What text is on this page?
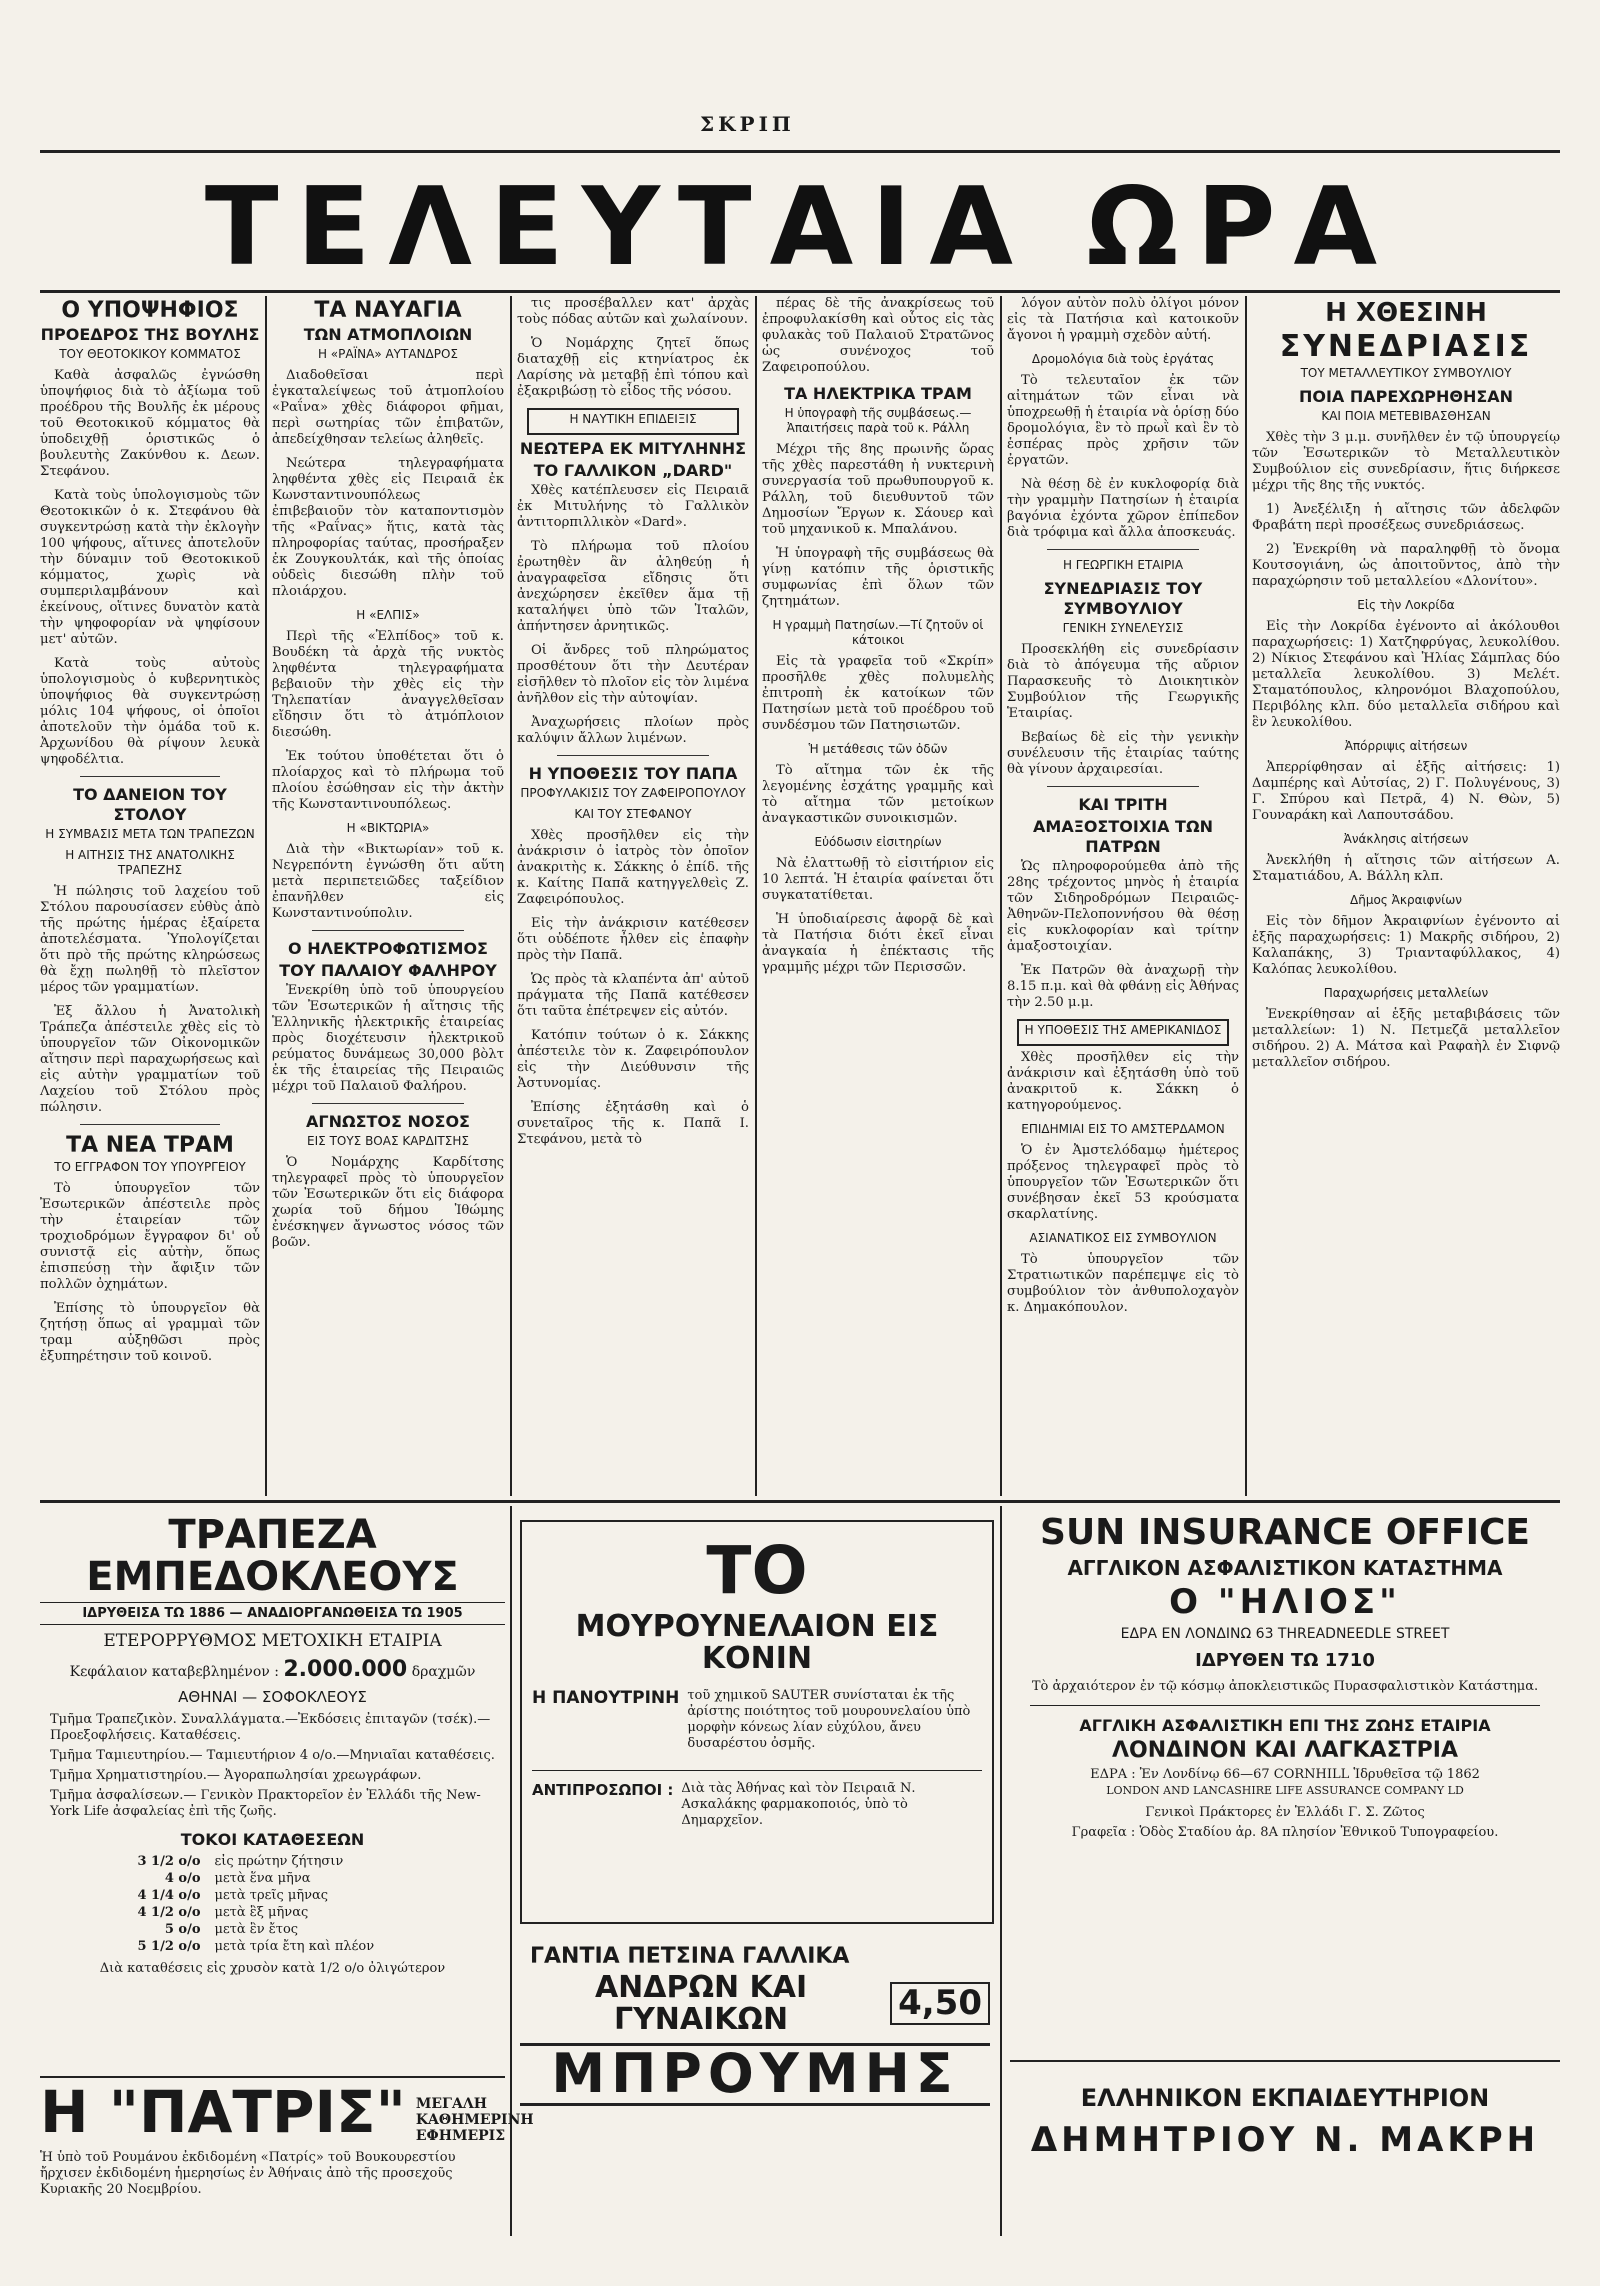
ΣΚΡΙΠ
ΤΕΛΕΥΤΑΙΑ ΩΡΑ
Ο ΥΠΟΨΗΦΙΟΣ
ΠΡΟΕΔΡΟΣ ΤΗΣ ΒΟΥΛΗΣ
ΤΟΥ ΘΕΟΤΟΚΙΚΟΥ ΚΟΜΜΑΤΟΣ

Καθὰ ἀσφαλῶς ἐγνώσθη ὑποψήφιος διὰ τὸ ἀξίωμα τοῦ προέδρου τῆς Βουλῆς ἐκ μέρους τοῦ Θεοτοκικοῦ κόμματος θὰ ὑποδειχθῇ ὁριστικῶς ὁ βουλευτὴς Ζακύνθου κ. Δεων. Στεφάνου.

Κατὰ τοὺς ὑπολογισμοὺς τῶν Θεοτοκικῶν ὁ κ. Στεφάνου θὰ συγκεντρώσῃ κατὰ τὴν ἐκλογὴν 100 ψήφους, αἵτινες ἀποτελοῦν τὴν δύναμιν τοῦ Θεοτοκικοῦ κόμματος, χωρὶς νὰ συμπεριλαμβάνουν καὶ ἐκείνους, οἵτινες δυνατὸν κατὰ τὴν ψηφοφορίαν νὰ ψηφίσουν μετ' αὐτῶν.

Κατὰ τοὺς αὐτοὺς ὑπολογισμοὺς ὁ κυβερνητικὸς ὑποψήφιος θὰ συγκεντρώσῃ μόλις 104 ψήφους, οἱ ὁποῖοι ἀποτελοῦν τὴν ὁμάδα τοῦ κ. Ἀρχωνίδου θὰ ρίψουν λευκὰ ψηφοδέλτια.

ΤΟ ΔΑΝΕΙΟΝ ΤΟΥ ΣΤΟΛΟΥ
Η ΣΥΜΒΑΣΙΣ ΜΕΤΑ ΤΩΝ ΤΡΑΠΕΖΩΝ
Η ΑΙΤΗΣΙΣ ΤΗΣ ΑΝΑΤΟΛΙΚΗΣ ΤΡΑΠΕΖΗΣ

Ἡ πώλησις τοῦ λαχείου τοῦ Στόλου παρουσίασεν εὐθὺς ἀπὸ τῆς πρώτης ἡμέρας ἐξαίρετα ἀποτελέσματα. Ὑπολογίζεται ὅτι πρὸ τῆς πρώτης κληρώσεως θὰ ἔχῃ πωληθῇ τὸ πλεῖστον μέρος τῶν γραμματίων.

Ἐξ ἄλλου ἡ Ἀνατολικὴ Τράπεζα ἀπέστειλε χθὲς εἰς τὸ ὑπουργεῖον τῶν Οἰκονομικῶν αἴτησιν περὶ παραχωρήσεως καὶ εἰς αὐτὴν γραμματίων τοῦ Λαχείου τοῦ Στόλου πρὸς πώλησιν.

ΤΑ ΝΕΑ ΤΡΑΜ
ΤΟ ΕΓΓΡΑΦΟΝ ΤΟΥ ΥΠΟΥΡΓΕΙΟΥ

Τὸ ὑπουργεῖον τῶν Ἐσωτερικῶν ἀπέστειλε πρὸς τὴν ἑταιρείαν τῶν τροχιοδρόμων ἔγγραφον δι' οὗ συνιστᾷ εἰς αὐτὴν, ὅπως ἐπισπεύσῃ τὴν ἄφιξιν τῶν πολλῶν ὀχημάτων.

Ἐπίσης τὸ ὑπουργεῖον θὰ ζητήσῃ ὅπως αἱ γραμμαὶ τῶν τραμ αὐξηθῶσι πρὸς ἐξυπηρέτησιν τοῦ κοινοῦ.

ΤΑ ΝΑΥΑΓΙΑ
ΤΩΝ ΑΤΜΟΠΛΟΙΩΝ
Η «ΡΑΪΝΑ» ΑΥΤΑΝΔΡΟΣ

Διαδοθεῖσαι περὶ ἐγκαταλείψεως τοῦ ἀτμοπλοίου «Ραΐνα» χθὲς διάφοροι φῆμαι, περὶ σωτηρίας τῶν ἐπιβατῶν, ἀπεδείχθησαν τελείως ἀληθεῖς.

Νεώτερα τηλεγραφήματα ληφθέντα χθὲς εἰς Πειραιᾶ ἐκ Κωνσταντινουπόλεως ἐπιβεβαιοῦν τὸν καταποντισμὸν τῆς «Ραΐνας» ἥτις, κατὰ τὰς πληροφορίας ταύτας, προσήραξεν ἐκ Ζουγκουλτάκ, καὶ τῆς ὁποίας οὐδεὶς διεσώθη πλὴν τοῦ πλοιάρχου.

Η «ΕΛΠΙΣ»

Περὶ τῆς «Ἐλπίδος» τοῦ κ. Βουδέκη τὰ ἀρχὰ τῆς νυκτὸς ληφθέντα τηλεγραφήματα βεβαιοῦν τὴν χθὲς εἰς τὴν Τηλεπατίαν ἀναγγελθεῖσαν εἴδησιν ὅτι τὸ ἀτμόπλοιον διεσώθη.

Ἐκ τούτου ὑποθέτεται ὅτι ὁ πλοίαρχος καὶ τὸ πλήρωμα τοῦ πλοίου ἐσώθησαν εἰς τὴν ἀκτὴν τῆς Κωνσταντινουπόλεως.

Η «ΒΙΚΤΩΡΙΑ»

Διὰ τὴν «Βικτωρίαν» τοῦ κ. Νεγρεπόντη ἐγνώσθη ὅτι αὕτη μετὰ περιπετειῶδες ταξείδιον ἐπανῆλθεν εἰς Κωνσταντινούπολιν.

Ο ΗΛΕΚΤΡΟΦΩΤΙΣΜΟΣ
ΤΟΥ ΠΑΛΑΙΟΥ ΦΑΛΗΡΟΥ

Ἐνεκρίθη ὑπὸ τοῦ ὑπουργείου τῶν Ἐσωτερικῶν ἡ αἴτησις τῆς Ἑλληνικῆς ἡλεκτρικῆς ἑταιρείας πρὸς διοχέτευσιν ἠλεκτρικοῦ ρεύματος δυνάμεως 30,000 βὸλτ ἐκ τῆς ἑταιρείας τῆς Πειραιῶς μέχρι τοῦ Παλαιοῦ Φαλήρου.

ΑΓΝΩΣΤΟΣ ΝΟΣΟΣ
ΕΙΣ ΤΟΥΣ ΒΟΑΣ ΚΑΡΔΙΤΣΗΣ

Ὁ Νομάρχης Καρδίτσης τηλεγραφεῖ πρὸς τὸ ὑπουργεῖον τῶν Ἐσωτερικῶν ὅτι εἰς διάφορα χωρία τοῦ δήμου Ἰθώμης ἐνέσκηψεν ἄγνωστος νόσος τῶν βοῶν.

τις προσέβαλλεν κατ' ἀρχὰς τοὺς πόδας αὐτῶν καὶ χωλαίνουν.

Ὁ Νομάρχης ζητεῖ ὅπως διαταχθῇ εἰς κτηνίατρος ἐκ Λαρίσης νὰ μεταβῇ ἐπὶ τόπου καὶ ἐξακριβώσῃ τὸ εἶδος τῆς νόσου.

Η ΝΑΥΤΙΚΗ ΕΠΙΔΕΙΞΙΣ
ΝΕΩΤΕΡΑ ΕΚ ΜΙΤΥΛΗΝΗΣ
ΤΟ ΓΑΛΛΙΚΟΝ „DARD"

Χθὲς κατέπλευσεν εἰς Πειραιᾶ ἐκ Μιτυλήνης τὸ Γαλλικὸν ἀντιτορπιλλικὸν «Dard».

Τὸ πλήρωμα τοῦ πλοίου ἐρωτηθὲν ἂν ἀληθεύῃ ἡ ἀναγραφεῖσα εἴδησις ὅτι ἀνεχώρησεν ἐκεῖθεν ἅμα τῇ καταλήψει ὑπὸ τῶν Ἰταλῶν, ἀπήντησεν ἀρνητικῶς.

Οἱ ἄνδρες τοῦ πληρώματος προσθέτουν ὅτι τὴν Δευτέραν εἰσῆλθεν τὸ πλοῖον εἰς τὸν λιμένα ἀνῆλθον εἰς τὴν αὐτοψίαν.

Ἀναχωρήσεις πλοίων πρὸς καλύψιν ἄλλων λιμένων.

Η ΥΠΟΘΕΣΙΣ ΤΟΥ ΠΑΠΑ
ΠΡΟΦΥΛΑΚΙΣΙΣ ΤΟΥ ΖΑΦΕΙΡΟΠΟΥΛΟΥ
ΚΑΙ ΤΟΥ ΣΤΕΦΑΝΟΥ

Χθὲς προσῆλθεν εἰς τὴν ἀνάκρισιν ὁ ἰατρὸς τὸν ὁποῖον ἀνακριτὴς κ. Σάκκης ὁ ἐπίδ. τῆς κ. Καίτης Παπᾶ κατηγγελθεὶς Ζ. Ζαφειρόπουλος.

Εἰς τὴν ἀνάκρισιν κατέθεσεν ὅτι οὐδέποτε ἦλθεν εἰς ἐπαφὴν πρὸς τὴν Παπᾶ.

Ὡς πρὸς τὰ κλαπέντα ἀπ' αὐτοῦ πράγματα τῆς Παπᾶ κατέθεσεν ὅτι ταῦτα ἐπέτρεψεν εἰς αὐτόν.

Κατόπιν τούτων ὁ κ. Σάκκης ἀπέστειλε τὸν κ. Ζαφειρόπουλον εἰς τὴν Διεύθυνσιν τῆς Ἀστυνομίας.

Ἐπίσης ἐξητάσθη καὶ ὁ συνεταῖρος τῆς κ. Παπᾶ Ι. Στεφάνου, μετὰ τὸ

πέρας δὲ τῆς ἀνακρίσεως τοῦ ἐπροφυλακίσθη καὶ οὗτος εἰς τὰς φυλακὰς τοῦ Παλαιοῦ Στρατῶνος ὡς συνένοχος τοῦ Ζαφειροπούλου.

ΤΑ ΗΛΕΚΤΡΙΚΑ ΤΡΑΜ
Η ὑπογραφὴ τῆς συμβάσεως.—Ἀπαιτήσεις παρὰ τοῦ κ. Ράλλη

Μέχρι τῆς 8ης πρωινῆς ὥρας τῆς χθὲς παρεστάθη ἡ νυκτερινὴ συνεργασία τοῦ πρωθυπουργοῦ κ. Ράλλη, τοῦ διευθυντοῦ τῶν Δημοσίων Ἔργων κ. Σάουερ καὶ τοῦ μηχανικοῦ κ. Μπαλάνου.

Ἡ ὑπογραφὴ τῆς συμβάσεως θὰ γίνῃ κατόπιν τῆς ὁριστικῆς συμφωνίας ἐπὶ ὅλων τῶν ζητημάτων.

Η γραμμὴ Πατησίων.—Τί ζητοῦν οἱ κάτοικοι

Εἰς τὰ γραφεῖα τοῦ «Σκρίπ» προσῆλθε χθὲς πολυμελὴς ἐπιτροπὴ ἐκ κατοίκων τῶν Πατησίων μετὰ τοῦ προέδρου τοῦ συνδέσμου τῶν Πατησιωτῶν.

Ἡ μετάθεσις τῶν ὀδῶν

Τὸ αἴτημα τῶν ἐκ τῆς λεγομένης ἐσχάτης γραμμῆς καὶ τὸ αἴτημα τῶν μετοίκων ἀναγκαστικῶν συνοικισμῶν.

Εὐόδωσιν εἰσιτηρίων

Νὰ ἐλαττωθῇ τὸ εἰσιτήριον εἰς 10 λεπτά. Ἡ ἑταιρία φαίνεται ὅτι συγκατατίθεται.

Ἡ ὑποδιαίρεσις ἀφορᾷ δὲ καὶ τὰ Πατήσια διότι ἐκεῖ εἶναι ἀναγκαία ἡ ἐπέκτασις τῆς γραμμῆς μέχρι τῶν Περισσῶν.

λόγον αὐτὸν πολὺ ὀλίγοι μόνον εἰς τὰ Πατήσια καὶ κατοικοῦν ἄγονοι ἡ γραμμὴ σχεδὸν αὐτή.

Δρομολόγια διὰ τοὺς ἐργάτας

Τὸ τελευταῖον ἐκ τῶν αἰτημάτων τῶν εἶναι νὰ ὑποχρεωθῇ ἡ ἑταιρία νὰ ὁρίσῃ δύο δρομολόγια, ἓν τὸ πρωῒ καὶ ἓν τὸ ἑσπέρας πρὸς χρῆσιν τῶν ἐργατῶν.

Νὰ θέσῃ δὲ ἐν κυκλοφορίᾳ διὰ τὴν γραμμὴν Πατησίων ἡ ἑταιρία βαγόνια ἐχόντα χῶρον ἐπίπεδον διὰ τρόφιμα καὶ ἄλλα ἀποσκευάς.

Η ΓΕΩΡΓΙΚΗ ΕΤΑΙΡΙΑ
ΣΥΝΕΔΡΙΑΣΙΣ ΤΟΥ ΣΥΜΒΟΥΛΙΟΥ
ΓΕΝΙΚΗ ΣΥΝΕΛΕΥΣΙΣ

Προσεκλήθη εἰς συνεδρίασιν διὰ τὸ ἀπόγευμα τῆς αὔριον Παρασκευῆς τὸ Διοικητικὸν Συμβούλιον τῆς Γεωργικῆς Ἑταιρίας.

Βεβαίως δὲ εἰς τὴν γενικὴν συνέλευσιν τῆς ἑταιρίας ταύτης θὰ γίνουν ἀρχαιρεσίαι.

ΚΑΙ ΤΡΙΤΗ
ΑΜΑΞΟΣΤΟΙΧΙΑ ΤΩΝ ΠΑΤΡΩΝ

Ὡς πληροφορούμεθα ἀπὸ τῆς 28ης τρέχοντος μηνὸς ἡ ἑταιρία τῶν Σιδηροδρόμων Πειραιῶς-Ἀθηνῶν-Πελοποννήσου θὰ θέσῃ εἰς κυκλοφορίαν καὶ τρίτην ἀμαξοστοιχίαν.

Ἐκ Πατρῶν θὰ ἀναχωρῇ τὴν 8.15 π.μ. καὶ θὰ φθάνῃ εἰς Ἀθήνας τὴν 2.50 μ.μ.

Η ΥΠΟΘΕΣΙΣ ΤΗΣ ΑΜΕΡΙΚΑΝΙΔΟΣ

Χθὲς προσῆλθεν εἰς τὴν ἀνάκρισιν καὶ ἐξητάσθη ὑπὸ τοῦ ἀνακριτοῦ κ. Σάκκη ὁ κατηγορούμενος.

ΕΠΙΔΗΜΙΑΙ ΕΙΣ ΤΟ ΑΜΣΤΕΡΔΑΜΟΝ

Ὁ ἐν Ἀμστελόδαμῳ ἡμέτερος πρόξενος τηλεγραφεῖ πρὸς τὸ ὑπουργεῖον τῶν Ἐσωτερικῶν ὅτι συνέβησαν ἐκεῖ 53 κρούσματα σκαρλατίνης.

ΑΣΙΑΝΑΤΙΚΟΣ ΕΙΣ ΣΥΜΒΟΥΛΙΟΝ

Τὸ ὑπουργεῖον τῶν Στρατιωτικῶν παρέπεμψε εἰς τὸ συμβούλιον τὸν ἀνθυπολοχαγὸν κ. Δημακόπουλον.

Η ΧΘΕΣΙΝΗ
ΣΥΝΕΔΡΙΑΣΙΣ
ΤΟΥ ΜΕΤΑΛΛΕΥΤΙΚΟΥ ΣΥΜΒΟΥΛΙΟΥ
ΠΟΙΑ ΠΑΡΕΧΩΡΗΘΗΣΑΝ
ΚΑΙ ΠΟΙΑ ΜΕΤΕΒΙΒΑΣΘΗΣΑΝ

Χθὲς τὴν 3 μ.μ. συνῆλθεν ἐν τῷ ὑπουργείῳ τῶν Ἐσωτερικῶν τὸ Μεταλλευτικὸν Συμβούλιον εἰς συνεδρίασιν, ἥτις διήρκεσε μέχρι τῆς 8ης τῆς νυκτός.

1) Ἀνεξέλιξη ἡ αἴτησις τῶν ἀδελφῶν Φραβάτη περὶ προσέξεως συνεδριάσεως.

2) Ἐνεκρίθη νὰ παραληφθῇ τὸ ὄνομα Κουτσογιάνη, ὡς ἀποιτοῦντος, ἀπὸ τὴν παραχώρησιν τοῦ μεταλλείου «Δλονίτου».

Εἰς τὴν Λοκρίδα

Εἰς τὴν Λοκρίδα ἐγένοντο αἱ ἀκόλουθοι παραχωρήσεις: 1) Χατζηφρύγας, λευκολίθου. 2) Νίκιος Στεφάνου καὶ Ἠλίας Σάμπλας δύο μεταλλεῖα λευκολίθου. 3) Μελέτ. Σταματόπουλος, κληρονόμοι Βλαχοπούλου, Περιβόλης κλπ. δύο μεταλλεῖα σιδήρου καὶ ἓν λευκολίθου.

Ἀπόρριψις αἰτήσεων

Ἀπερρίφθησαν αἱ ἑξῆς αἰτήσεις: 1) Δαμπέρης καὶ Αὐτσίας, 2) Γ. Πολυγένους, 3) Γ. Σπύρου καὶ Πετρᾶ, 4) Ν. Θὼν, 5) Γουναράκη καὶ Λαπουτσάδου.

Ἀνάκλησις αἰτήσεων

Ἀνεκλήθη ἡ αἴτησις τῶν αἰτήσεων Α. Σταματιάδου, Α. Βάλλη κλπ.

Δῆμος Ἀκραιφνίων

Εἰς τὸν δῆμον Ἀκραιφνίων ἐγένοντο αἱ ἑξῆς παραχωρήσεις: 1) Μακρῆς σιδήρου, 2) Καλαπάκης, 3) Τριανταφύλλακος, 4) Καλόπας λευκολίθου.

Παραχωρήσεις μεταλλείων

Ἐνεκρίθησαν αἱ ἑξῆς μεταβιβάσεις τῶν μεταλλείων: 1) Ν. Πετμεζᾶ μεταλλεῖον σιδήρου. 2) Α. Μάτσα καὶ Ραφαὴλ ἐν Σιφνῷ μεταλλεῖον σιδήρου.

ΤΡΑΠΕΖΑ ΕΜΠΕΔΟΚΛΕΟΥΣ
ΙΔΡΥΘΕΙΣΑ ΤΩ 1886 — ΑΝΑΔΙΟΡΓΑΝΩΘΕΙΣΑ ΤΩ 1905
ΕΤΕΡΟΡΡΥΘΜΟΣ ΜΕΤΟΧΙΚΗ ΕΤΑΙΡΙΑ
Κεφάλαιον καταβεβλημένον : 2.000.000 δραχμῶν
ΑΘΗΝΑΙ — ΣΟΦΟΚΛΕΟΥΣ
Τμῆμα Τραπεζικὸν. Συναλλάγματα.—Ἐκδόσεις ἐπιταγῶν (τσέκ).— Προεξοφλήσεις. Καταθέσεις.
Τμῆμα Ταμιευτηρίου.— Ταμιευτήριον 4 ο/ο.—Μηνιαῖαι καταθέσεις.
Τμῆμα Χρηματιστηρίου.— Ἀγοραπωλησίαι χρεωγράφων.
Τμῆμα ἀσφαλίσεων.— Γενικὸν Πρακτορεῖον ἐν Ἑλλάδι τῆς New-York Life ἀσφαλείας ἐπὶ τῆς ζωῆς.
ΤΟΚΟΙ ΚΑΤΑΘΕΣΕΩΝ
3 1/2 ο/ο εἰς πρώτην ζήτησιν
4 ο/ο μετὰ ἕνα μῆνα
4 1/4 ο/ο μετὰ τρεῖς μῆνας
4 1/2 ο/ο μετὰ ἓξ μῆνας
5 ο/ο μετὰ ἓν ἔτος
5 1/2 ο/ο μετὰ τρία ἔτη καὶ πλέον
Διὰ καταθέσεις εἰς χρυσὸν κατὰ 1/2 ο/ο ὀλιγώτερον
Η "ΠΑΤΡΙΣ" ΜΕΓΑΛΗ ΚΑΘΗΜΕΡΙΝΗ ΕΦΗΜΕΡΙΣ
Ἡ ὑπὸ τοῦ Ρουμάνου ἐκδιδομένη «Πατρίς» τοῦ Βουκουρεστίου ἤρχισεν ἐκδιδομένη ἡμερησίως ἐν Ἀθήναις ἀπὸ τῆς προσεχοῦς Κυριακῆς 20 Νοεμβρίου.
ΤΟ
ΜΟΥΡΟΥΝΕΛΑΙΟΝ ΕΙΣ ΚΟΝΙΝ
Η ΠΑΝΟΥΤΡΙΝΗ τοῦ χημικοῦ SAUTER συνίσταται ἐκ τῆς ἀρίστης ποιότητος τοῦ μουρουνελαίου ὑπὸ μορφὴν κόνεως λίαν εὐχύλου, ἄνευ δυσαρέστου ὀσμῆς.
ΑΝΤΙΠΡΟΣΩΠΟΙ : Διὰ τὰς Ἀθήνας καὶ τὸν Πειραιᾶ Ν. Ασκαλάκης φαρμακοποιός, ὑπὸ τὸ Δημαρχεῖον.
ΓΑΝΤΙΑ ΠΕΤΣΙΝΑ ΓΑΛΛΙΚΑ
ΑΝΔΡΩΝ ΚΑΙ ΓΥΝΑΙΚΩΝ	4,50
ΜΠΡΟΥΜΗΣ
SUN INSURANCE OFFICE
ΑΓΓΛΙΚΟΝ ΑΣΦΑΛΙΣΤΙΚΟΝ ΚΑΤΑΣΤΗΜΑ
Ο "ΗΛΙΟΣ"
ΕΔΡΑ ΕΝ ΛΟΝΔΙΝΩ 63 THREADNEEDLE STREET
ΙΔΡΥΘΕΝ ΤΩ 1710
Τὸ ἀρχαιότερον ἐν τῷ κόσμῳ ἀποκλειστικῶς Πυρασφαλιστικὸν Κατάστημα.
ΑΓΓΛΙΚΗ ΑΣΦΑΛΙΣΤΙΚΗ ΕΠΙ ΤΗΣ ΖΩΗΣ ΕΤΑΙΡΙΑ
ΛΟΝΔΙΝΟΝ ΚΑΙ ΛΑΓΚΑΣΤΡΙΑ
ΕΔΡΑ : Ἐν Λονδίνῳ 66—67 CORNHILL Ἱδρυθεῖσα τῷ 1862
LONDON AND LANCASHIRE LIFE ASSURANCE COMPANY LD
Γενικοὶ Πράκτορες ἐν Ἑλλάδι Γ. Σ. Ζῶτος
Γραφεῖα : Ὁδὸς Σταδίου ἀρ. 8Α πλησίον Ἐθνικοῦ Τυπογραφείου.
ΕΛΛΗΝΙΚΟΝ ΕΚΠΑΙΔΕΥΤΗΡΙΟΝ
ΔΗΜΗΤΡΙΟΥ Ν. ΜΑΚΡΗ
